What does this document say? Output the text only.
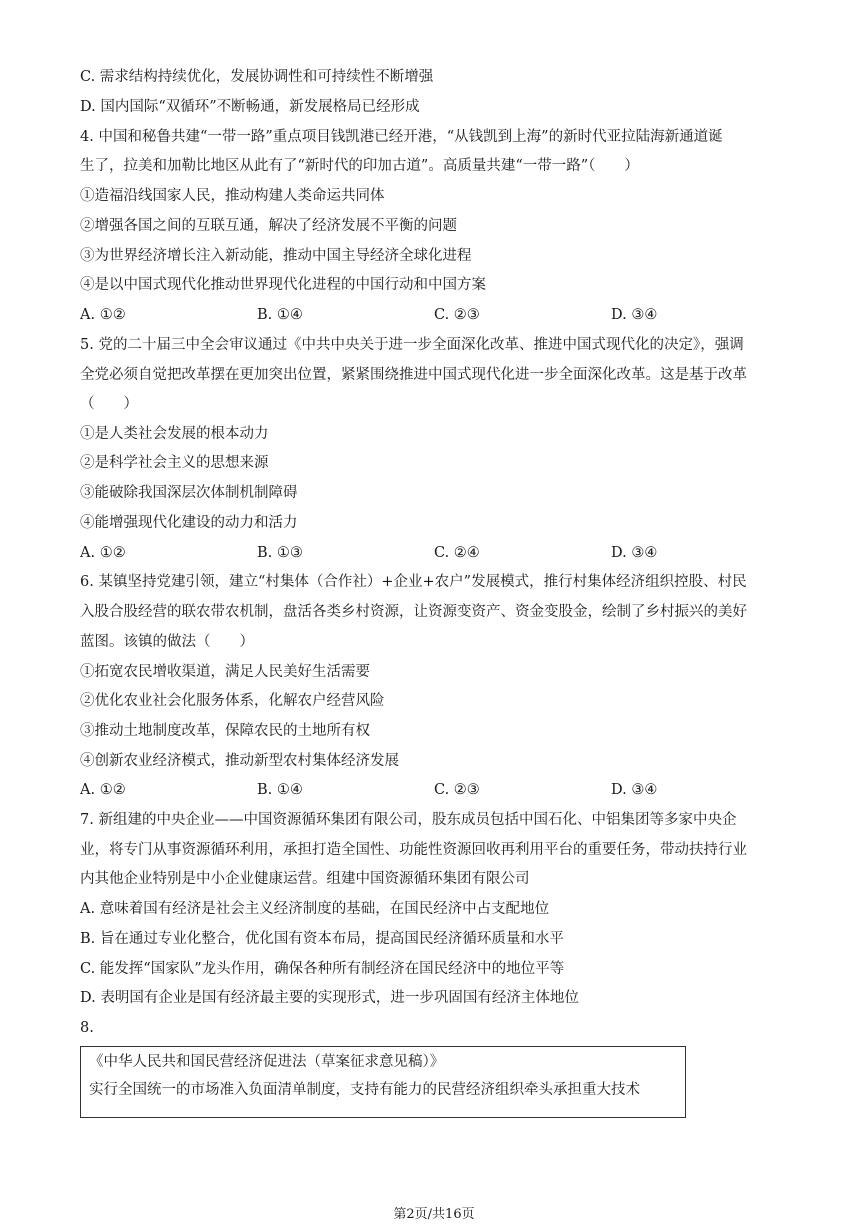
C. 需求结构持续优化，发展协调性和可持续性不断增强
D. 国内国际“双循环”不断畅通，新发展格局已经形成
4. 中国和秘鲁共建“一带一路”重点项目钱凯港已经开港，“从钱凯到上海”的新时代亚拉陆海新通道诞
生了，拉美和加勒比地区从此有了“新时代的印加古道”。高质量共建“一带一路”（　　）
①造福沿线国家人民，推动构建人类命运共同体
②增强各国之间的互联互通，解决了经济发展不平衡的问题
③为世界经济增长注入新动能，推动中国主导经济全球化进程
④是以中国式现代化推动世界现代化进程的中国行动和中国方案
A. ①②	B. ①④	C. ②③	D. ③④
5. 党的二十届三中全会审议通过《中共中央关于进一步全面深化改革、推进中国式现代化的决定》，强调
全党必须自觉把改革摆在更加突出位置，紧紧围绕推进中国式现代化进一步全面深化改革。这是基于改革
（　　）
①是人类社会发展的根本动力
②是科学社会主义的思想来源
③能破除我国深层次体制机制障碍
④能增强现代化建设的动力和活力
A. ①②	B. ①③	C. ②④	D. ③④
6. 某镇坚持党建引领，建立“村集体（合作社）+企业+农户”发展模式，推行村集体经济组织控股、村民
入股合股经营的联农带农机制，盘活各类乡村资源，让资源变资产、资金变股金，绘制了乡村振兴的美好
蓝图。该镇的做法（　　）
①拓宽农民增收渠道，满足人民美好生活需要
②优化农业社会化服务体系，化解农户经营风险
③推动土地制度改革，保障农民的土地所有权
④创新农业经济模式，推动新型农村集体经济发展
A. ①②	B. ①④	C. ②③	D. ③④
7. 新组建的中央企业——中国资源循环集团有限公司，股东成员包括中国石化、中铝集团等多家中央企
业，将专门从事资源循环利用，承担打造全国性、功能性资源回收再利用平台的重要任务，带动扶持行业
内其他企业特别是中小企业健康运营。组建中国资源循环集团有限公司
A. 意味着国有经济是社会主义经济制度的基础，在国民经济中占支配地位
B. 旨在通过专业化整合，优化国有资本布局，提高国民经济循环质量和水平
C. 能发挥“国家队”龙头作用，确保各种所有制经济在国民经济中的地位平等
D. 表明国有企业是国有经济最主要的实现形式，进一步巩固国有经济主体地位
8.
《中华人民共和国民营经济促进法（草案征求意见稿）》
实行全国统一的市场准入负面清单制度，支持有能力的民营经济组织牵头承担重大技术
第2页/共16页
